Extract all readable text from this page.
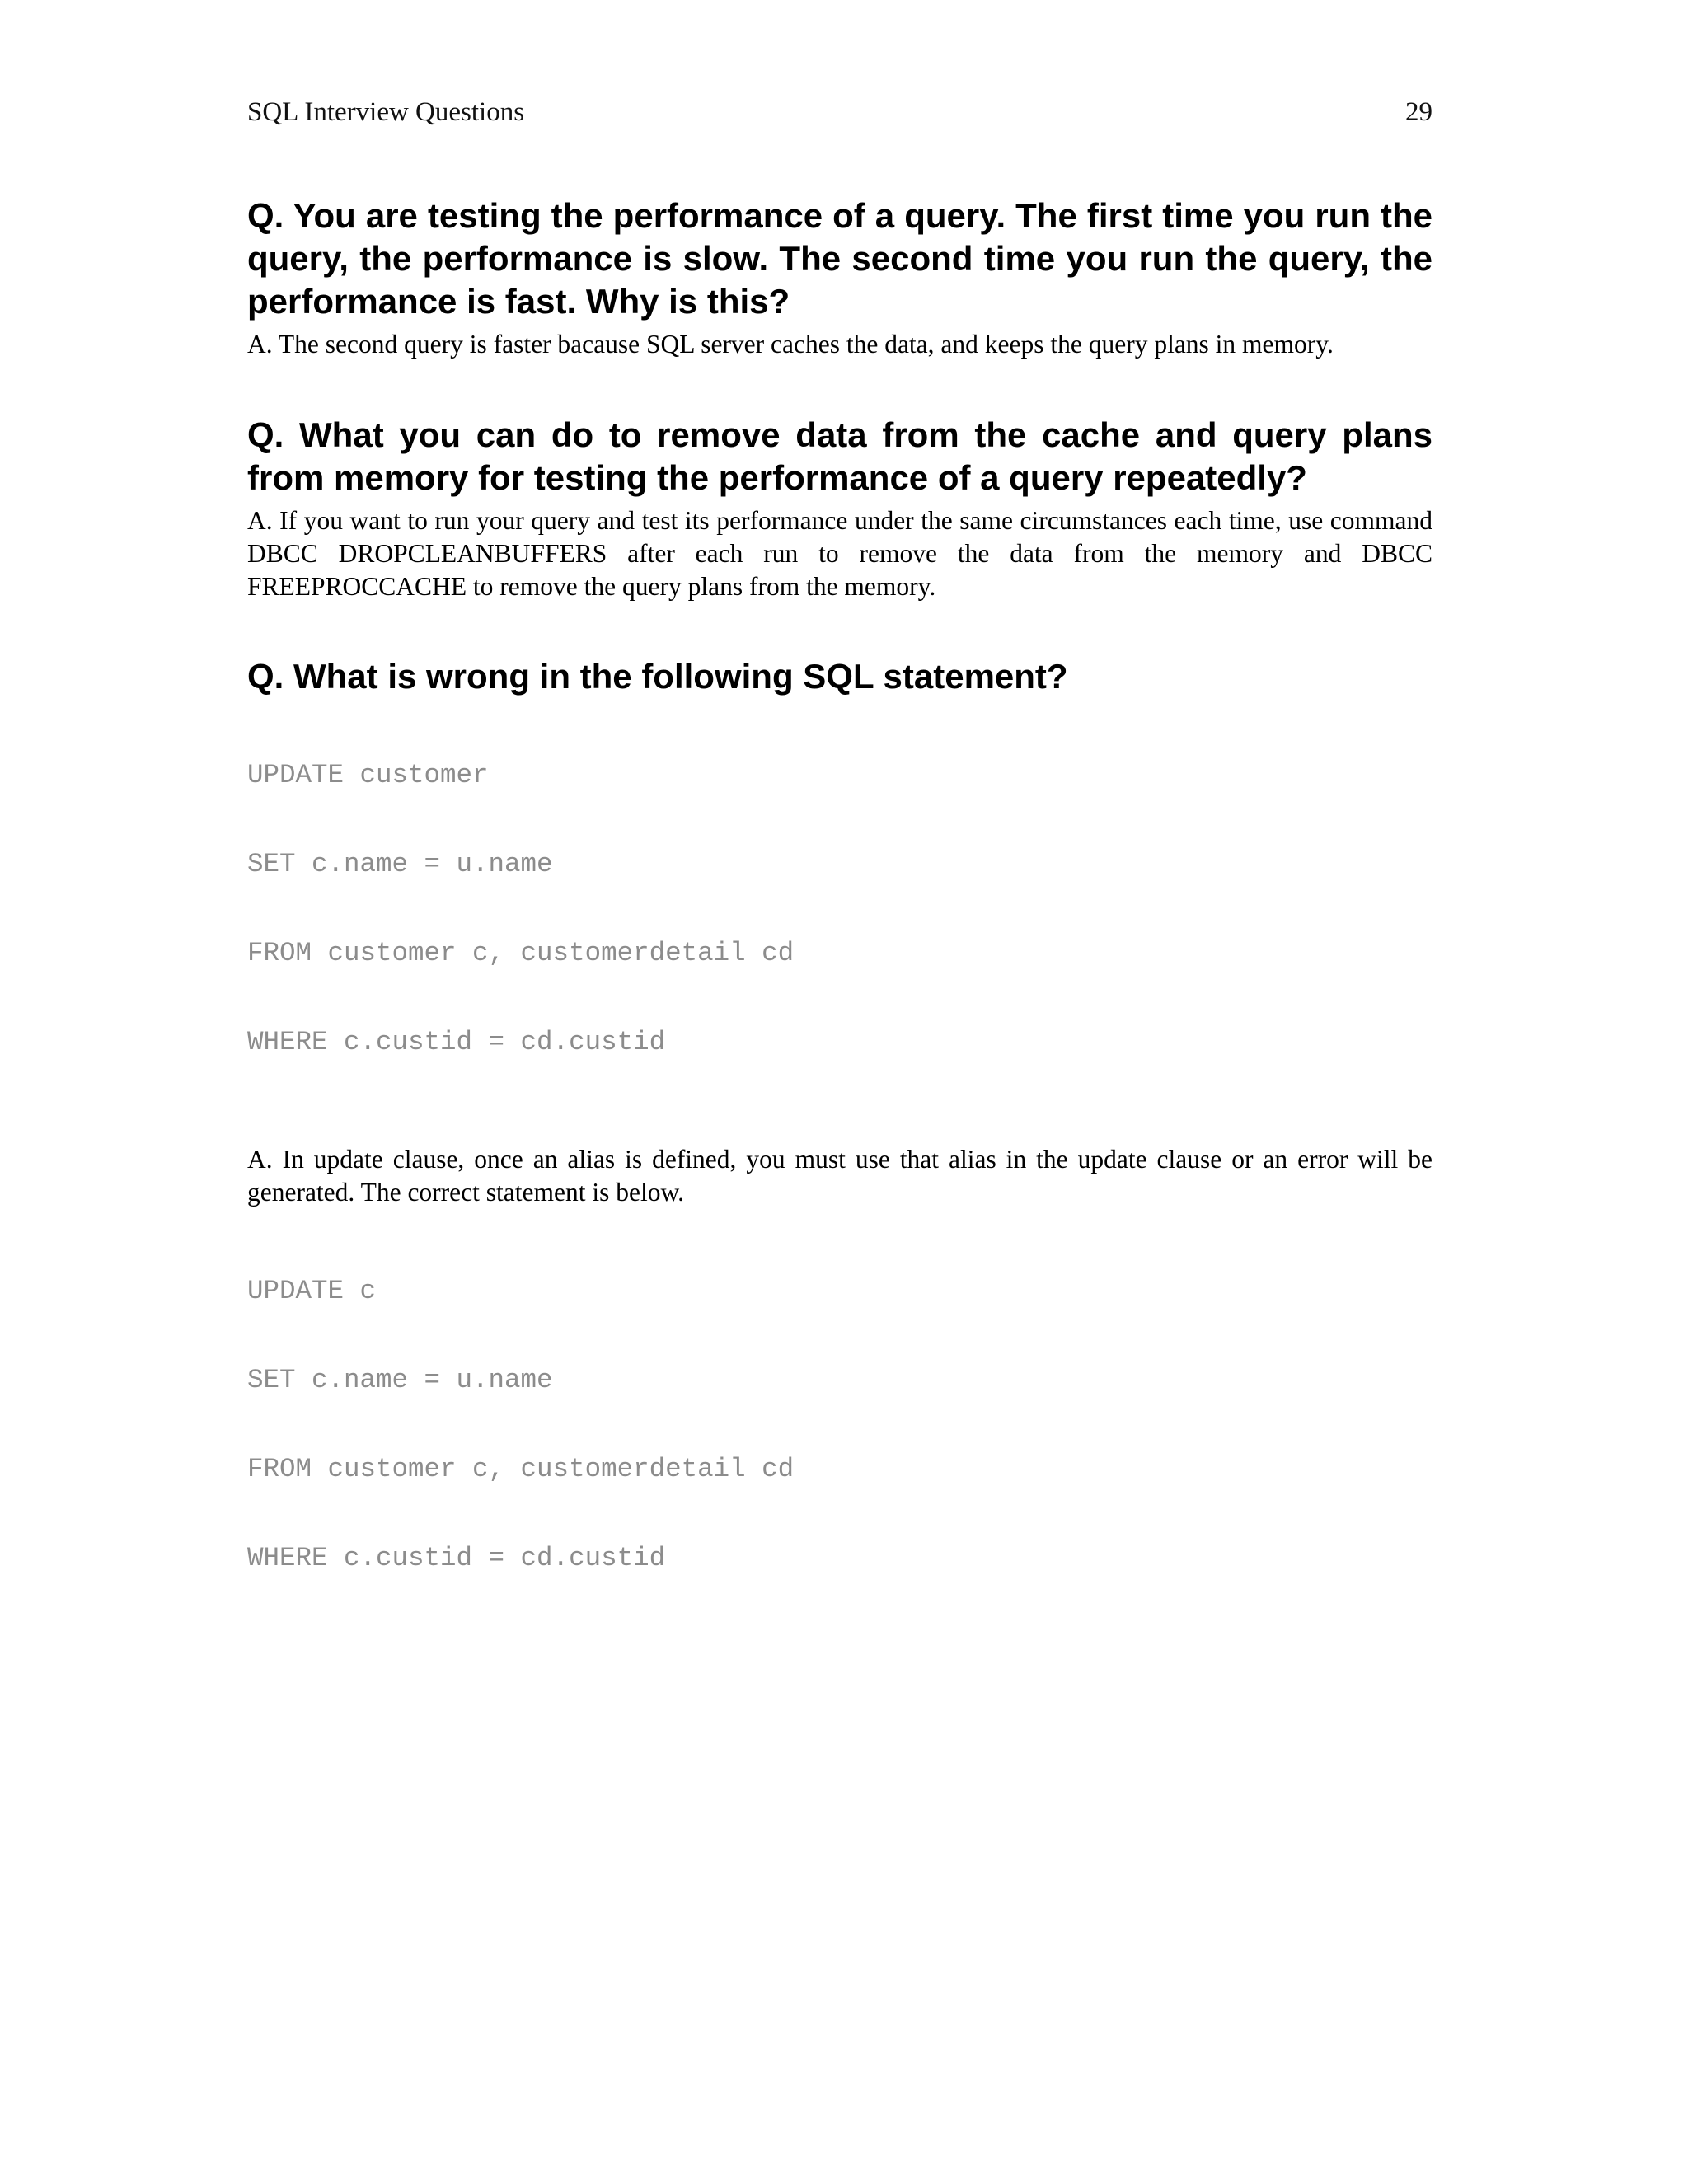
SQL Interview Questions	29

Q. You are testing the performance of a query. The first time you run the query, the performance is slow. The second time you run the query, the performance is fast. Why is this?

A. The second query is faster bacause SQL server caches the data, and keeps the query plans in memory.

Q. What you can do to remove data from the cache and query plans from memory for testing the performance of a query repeatedly?

A. If you want to run your query and test its performance under the same circumstances each time, use command DBCC DROPCLEANBUFFERS after each run to remove the data from the memory and DBCC FREEPROCCACHE to remove the query plans from the memory.

Q. What is wrong in the following SQL statement?

UPDATE customer

SET c.name = u.name

FROM customer c, customerdetail cd

WHERE c.custid = cd.custid

A. In update clause, once an alias is defined, you must use that alias in the update clause or an error will be generated. The correct statement is below.

UPDATE c

SET c.name = u.name

FROM customer c, customerdetail cd

WHERE c.custid = cd.custid
